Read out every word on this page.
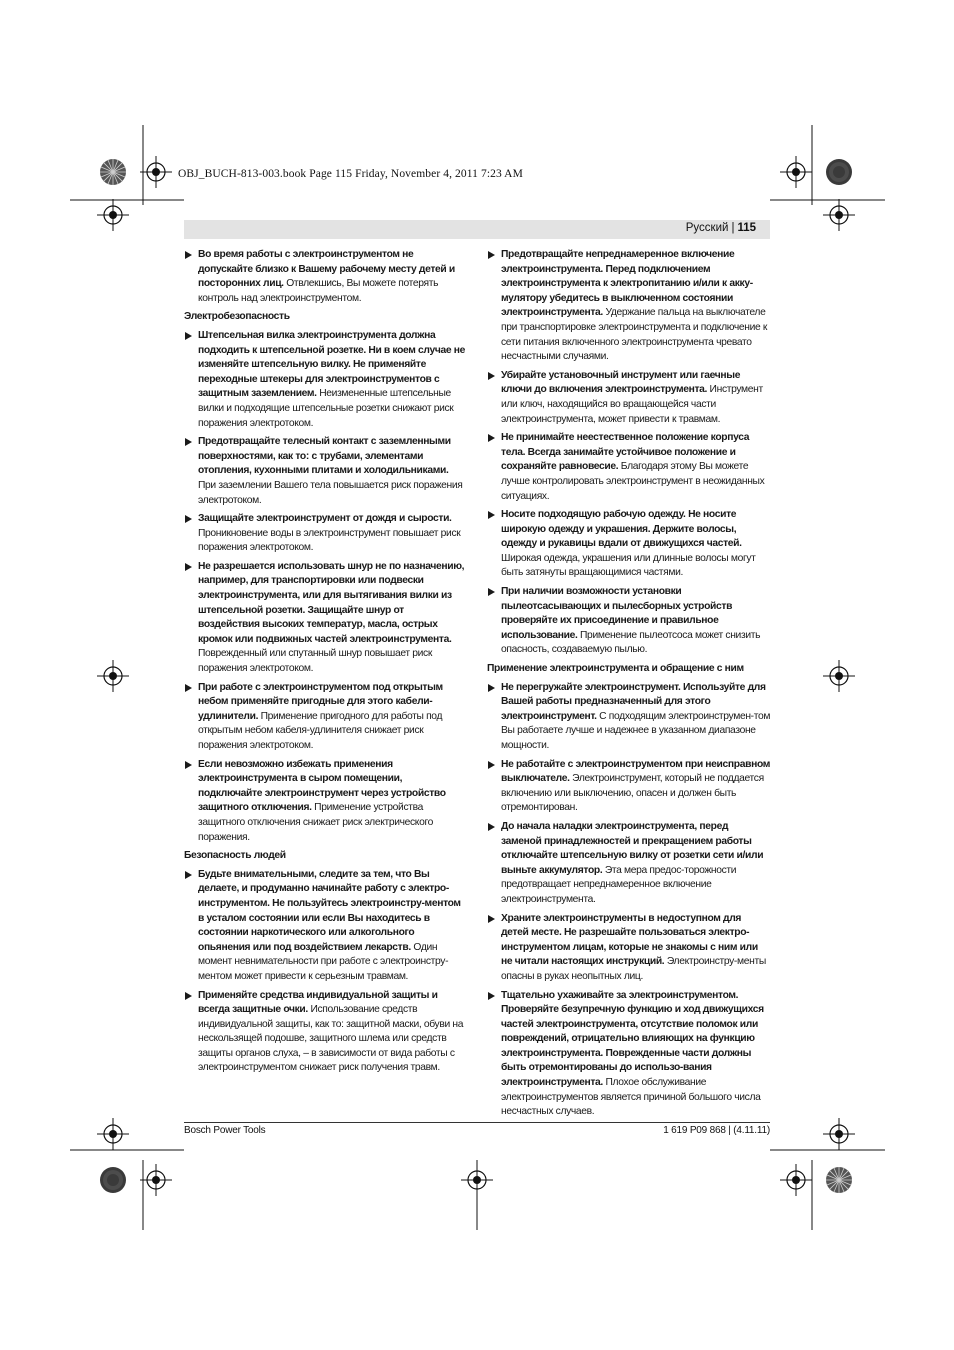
OBJ_BUCH-813-003.book Page 115 Friday, November 4, 2011 7:23 AM
Русский | 115
Во время работы с электроинструментом не допускайте близко к Вашему рабочему месту детей и посторонних лиц. Отвлекшись, Вы можете потерять контроль над электроинструментом.
Электробезопасность
Штепсельная вилка электроинструмента должна подходить к штепсельной розетке. Ни в коем случае не изменяйте штепсельную вилку. Не применяйте переходные штекеры для электроинструментов с защитным заземлением. Неизмененные штепсельные вилки и подходящие штепсельные розетки снижают риск поражения электротоком.
Предотвращайте телесный контакт с заземленными поверхностями, как то: с трубами, элементами отопления, кухонными плитами и холодильниками. При заземлении Вашего тела повышается риск поражения электротоком.
Защищайте электроинструмент от дождя и сырости. Проникновение воды в электроинструмент повышает риск поражения электротоком.
Не разрешается использовать шнур не по назначению, например, для транспортировки или подвески электроинструмента, или для вытягивания вилки из штепсельной розетки. Защищайте шнур от воздействия высоких температур, масла, острых кромок или подвижных частей электроинструмента. Поврежденный или спутанный шнур повышает риск поражения электротоком.
При работе с электроинструментом под открытым небом применяйте пригодные для этого кабели-удлинители. Применение пригодного для работы под открытым небом кабеля-удлинителя снижает риск поражения электротоком.
Если невозможно избежать применения электроинструмента в сыром помещении, подключайте электроинструмент через устройство защитного отключения. Применение устройства защитного отключения снижает риск электрического поражения.
Безопасность людей
Будьте внимательными, следите за тем, что Вы делаете, и продуманно начинайте работу с электро-инструментом. Не пользуйтесь электроинстру-ментом в усталом состоянии или если Вы находитесь в состоянии наркотического или алкогольного опьянения или под воздействием лекарств. Один момент невнимательности при работе с электроинстру-ментом может привести к серьезным травмам.
Применяйте средства индивидуальной защиты и всегда защитные очки. Использование средств индивидуальной защиты, как то: защитной маски, обуви на нескользящей подошве, защитного шлема или средств защиты органов слуха, – в зависимости от вида работы с электроинструментом снижает риск получения травм.
Предотвращайте непреднамеренное включение электроинструмента. Перед подключением электроинструмента к электропитанию и/или к акку-мулятору убедитесь в выключенном состоянии электроинструмента. Удержание пальца на выключателе при транспортировке электроинструмента и подключение к сети питания включенного электроинструмента чревато несчастными случаями.
Убирайте установочный инструмент или гаечные ключи до включения электроинструмента. Инструмент или ключ, находящийся во вращающейся части электроинструмента, может привести к травмам.
Не принимайте неестественное положение корпуса тела. Всегда занимайте устойчивое положение и сохраняйте равновесие. Благодаря этому Вы можете лучше контролировать электроинструмент в неожиданных ситуациях.
Носите подходящую рабочую одежду. Не носите широкую одежду и украшения. Держите волосы, одежду и рукавицы вдали от движущихся частей. Широкая одежда, украшения или длинные волосы могут быть затянуты вращающимися частями.
При наличии возможности установки пылеотсасывающих и пылесборных устройств проверяйте их присоединение и правильное использование. Применение пылеотсоса может снизить опасность, создаваемую пылью.
Применение электроинструмента и обращение с ним
Не перегружайте электроинструмент. Используйте для Вашей работы предназначенный для этого электроинструмент. С подходящим электроинструмен-том Вы работаете лучше и надежнее в указанном диапазоне мощности.
Не работайте с электроинструментом при неисправном выключателе. Электроинструмент, который не поддается включению или выключению, опасен и должен быть отремонтирован.
До начала наладки электроинструмента, перед заменой принадлежностей и прекращением работы отключайте штепсельную вилку от розетки сети и/или выньте аккумулятор. Эта мера предос-торожности предотвращает непреднамеренное включение электроинструмента.
Храните электроинструменты в недоступном для детей месте. Не разрешайте пользоваться электро-инструментом лицам, которые не знакомы с ним или не читали настоящих инструкций. Электроинстру-менты опасны в руках неопытных лиц.
Тщательно ухаживайте за электроинструментом. Проверяйте безупречную функцию и ход движущихся частей электроинструмента, отсутствие поломок или повреждений, отрицательно влияющих на функцию электроинструмента. Поврежденные части должны быть отремонтированы до использо-вания электроинструмента. Плохое обслуживание электроинструментов является причиной большого числа несчастных случаев.
Bosch Power Tools	1 619 P09 868 | (4.11.11)
